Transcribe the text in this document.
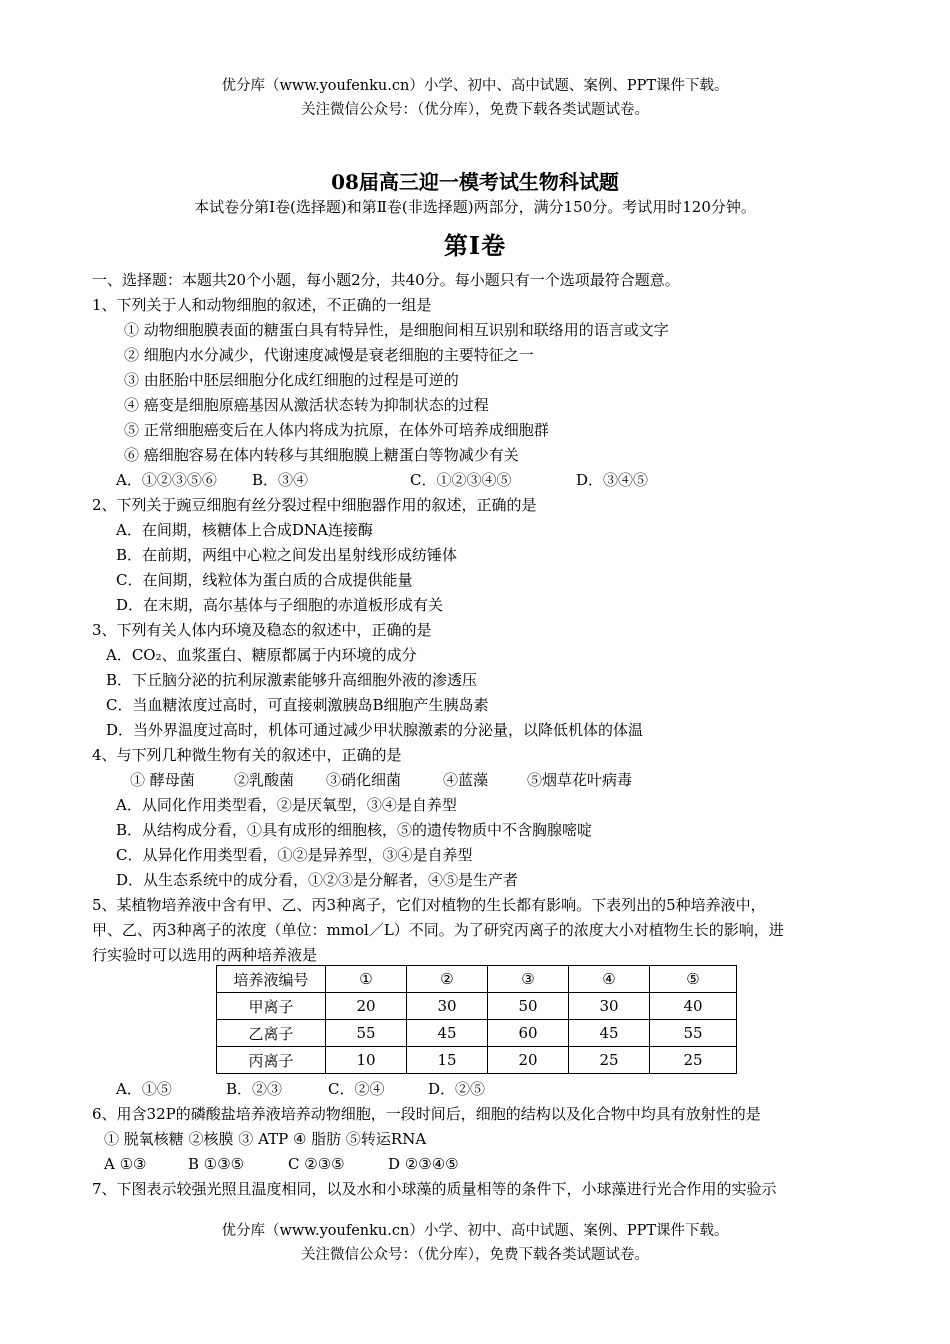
优分库（www.youfenku.cn）小学、初中、高中试题、案例、PPT课件下载。
关注微信公众号：（优分库），免费下载各类试题试卷。
08届高三迎一模考试生物科试题
本试卷分第Ⅰ卷(选择题)和第Ⅱ卷(非选择题)两部分，满分150分。考试用时120分钟。
第Ⅰ卷
一、选择题：本题共20个小题，每小题2分，共40分。每小题只有一个选项最符合题意。
1、下列关于人和动物细胞的叙述，不正确的一组是
① 动物细胞膜表面的糖蛋白具有特异性，是细胞间相互识别和联络用的语言或文字
② 细胞内水分减少，代谢速度减慢是衰老细胞的主要特征之一
③ 由胚胎中胚层细胞分化成红细胞的过程是可逆的
④ 癌变是细胞原癌基因从激活状态转为抑制状态的过程
⑤ 正常细胞癌变后在人体内将成为抗原，在体外可培养成细胞群
⑥ 癌细胞容易在体内转移与其细胞膜上糖蛋白等物减少有关
A．①②③⑤⑥ B．③④	C．①②③④⑤	D．③④⑤
2、下列关于豌豆细胞有丝分裂过程中细胞器作用的叙述，正确的是
A．在间期，核糖体上合成DNA连接酶
B．在前期，两组中心粒之间发出星射线形成纺锤体
C．在间期，线粒体为蛋白质的合成提供能量
D．在末期，高尔基体与子细胞的赤道板形成有关
3、下列有关人体内环境及稳态的叙述中，正确的是
A．CO₂、血浆蛋白、糖原都属于内环境的成分
B．下丘脑分泌的抗利尿激素能够升高细胞外液的渗透压
C．当血糖浓度过高时，可直接刺激胰岛B细胞产生胰岛素
D．当外界温度过高时，机体可通过减少甲状腺激素的分泌量，以降低机体的体温
4、与下列几种微生物有关的叙述中，正确的是
① 酵母菌	②乳酸菌 ③硝化细菌	④蓝藻	⑤烟草花叶病毒
A．从同化作用类型看，②是厌氧型，③④是自养型
B．从结构成分看，①具有成形的细胞核，⑤的遗传物质中不含胸腺嘧啶
C．从异化作用类型看，①②是异养型，③④是自养型
D．从生态系统中的成分看，①②③是分解者，④⑤是生产者
5、某植物培养液中含有甲、乙、丙3种离子，它们对植物的生长都有影响。下表列出的5种培养液中，
甲、乙、丙3种离子的浓度（单位：mmol／L）不同。为了研究丙离子的浓度大小对植物生长的影响，进
行实验时可以选用的两种培养液是
培养液编号	①	②	③	④	⑤
甲离子	20	30	50	30	40
乙离子	55	45	60	45	55
丙离子	10	15	20	25	25
A．①⑤	B．②③	C．②④	D．②⑤
6、用含32P的磷酸盐培养液培养动物细胞，一段时间后，细胞的结构以及化合物中均具有放射性的是
① 脱氧核糖 ②核膜 ③ ATP ④ 脂肪 ⑤转运RNA
A ①③	B ①③⑤	C ②③⑤	D ②③④⑤
7、下图表示较强光照且温度相同，以及水和小球藻的质量相等的条件下，小球藻进行光合作用的实验示
优分库（www.youfenku.cn）小学、初中、高中试题、案例、PPT课件下载。
关注微信公众号：（优分库），免费下载各类试题试卷。
